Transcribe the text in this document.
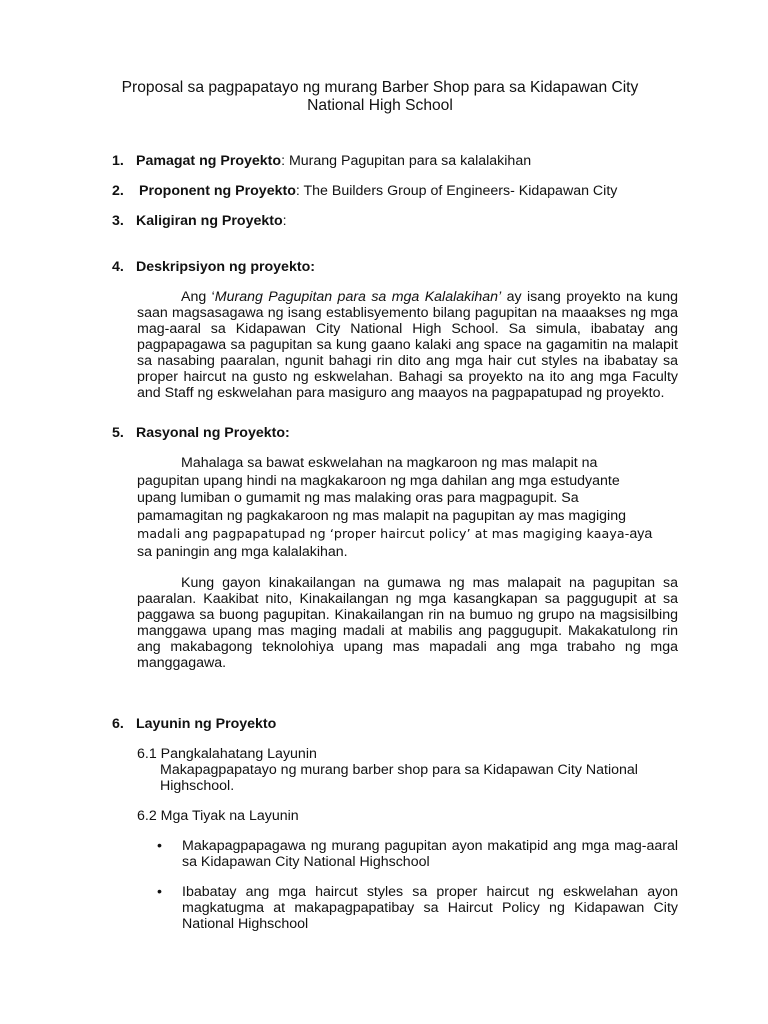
Proposal sa pagpapatayo ng murang Barber Shop para sa Kidapawan City
National High School
1. Pamagat ng Proyekto: Murang Pagupitan para sa kalalakihan
2. Proponent ng Proyekto: The Builders Group of Engineers- Kidapawan City
3. Kaligiran ng Proyekto:
4. Deskripsiyon ng proyekto:
Ang ‘Murang Pagupitan para sa mga Kalalakihan’ ay isang proyekto na kung saan magsasagawa ng isang establisyemento bilang pagupitan na maaakses ng mga mag-aaral sa Kidapawan City National High School. Sa simula, ibabatay ang pagpapagawa sa pagupitan sa kung gaano kalaki ang space na gagamitin na malapit sa nasabing paaralan, ngunit bahagi rin dito ang mga hair cut styles na ibabatay sa proper haircut na gusto ng eskwelahan. Bahagi sa proyekto na ito ang mga Faculty and Staff ng eskwelahan para masiguro ang maayos na pagpapatupad ng proyekto.
5. Rasyonal ng Proyekto:
Mahalaga sa bawat eskwelahan na magkaroon ng mas malapit na
pagupitan upang hindi na magkakaroon ng mga dahilan ang mga estudyante
upang lumiban o gumamit ng mas malaking oras para magpagupit. Sa
pamamagitan ng pagkakaroon ng mas malapit na pagupitan ay mas magiging
madali ang pagpapatupad ng ‘proper haircut policy’ at mas magiging kaaya-aya
sa paningin ang mga kalalakihan.
Kung gayon kinakailangan na gumawa ng mas malapait na pagupitan sa paaralan. Kaakibat nito, Kinakailangan ng mga kasangkapan sa paggugupit at sa paggawa sa buong pagupitan. Kinakailangan rin na bumuo ng grupo na magsisilbing manggawa upang mas maging madali at mabilis ang paggugupit. Makakatulong rin ang makabagong teknolohiya upang mas mapadali ang mga trabaho ng mga manggagawa.
6. Layunin ng Proyekto
6.1 Pangkalahatang Layunin
Makapagpapatayo ng murang barber shop para sa Kidapawan City National
Highschool.
6.2 Mga Tiyak na Layunin
• Makapagpapagawa ng murang pagupitan ayon makatipid ang mga mag-aaral sa Kidapawan City National Highschool
• Ibabatay ang mga haircut styles sa proper haircut ng eskwelahan ayon magkatugma at makapagpapatibay sa Haircut Policy ng Kidapawan City National Highschool
